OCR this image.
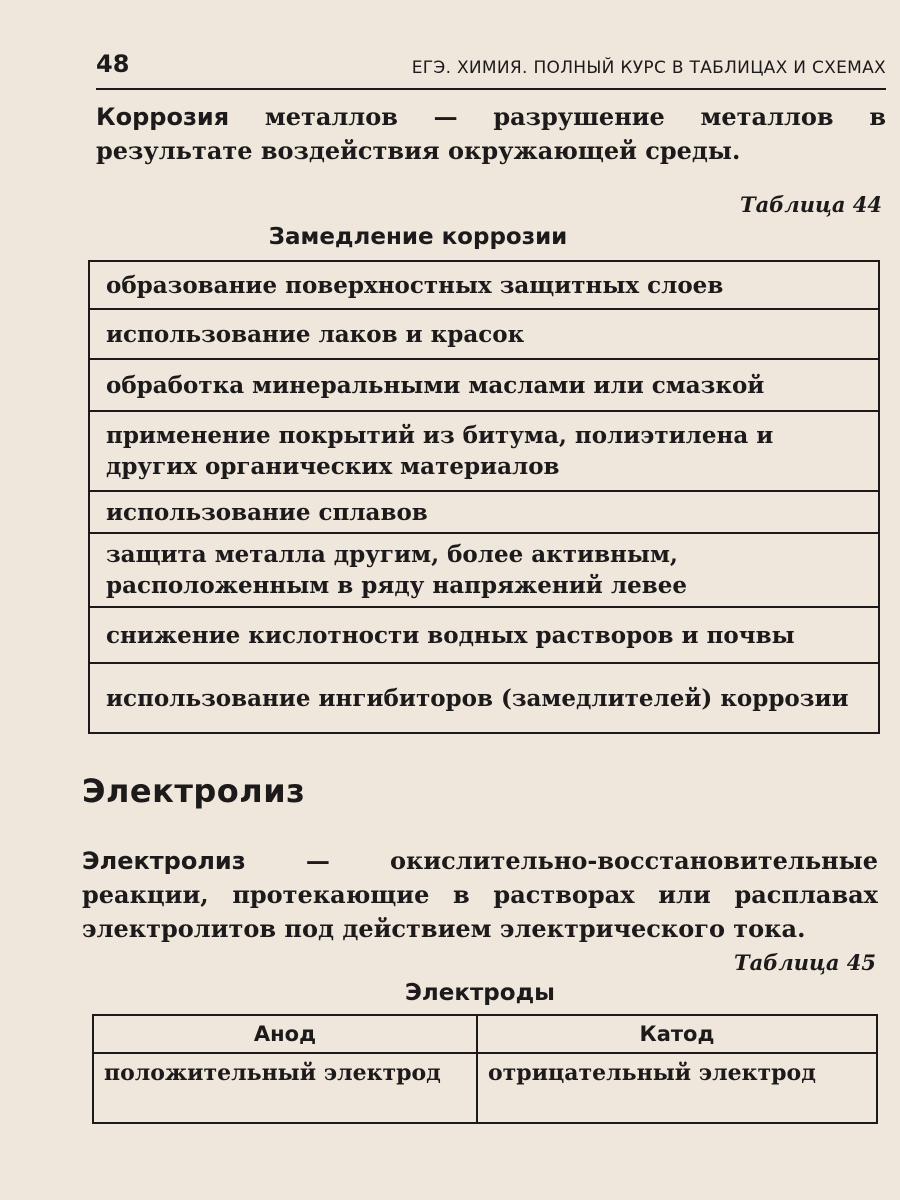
48	ЕГЭ. ХИМИЯ. ПОЛНЫЙ КУРС В ТАБЛИЦАХ И СХЕМАХ

Коррозия металлов — разрушение металлов в результате воздействия окружающей среды.

Таблица 44
Замедление коррозии
образование поверхностных защитных слоев
использование лаков и красок
обработка минеральными маслами или смазкой
применение покрытий из битума, полиэтилена и других органических материалов
использование сплавов
защита металла другим, более активным, расположенным в ряду напряжений левее
снижение кислотности водных растворов и почвы
использование ингибиторов (замедлителей) коррозии
Электролиз

Электролиз — окислительно-восстановительные реакции, протекающие в растворах или расплавах электролитов под действием электрического тока.

Таблица 45
Электроды
Анод	Катод
положительный электрод	отрицательный электрод
